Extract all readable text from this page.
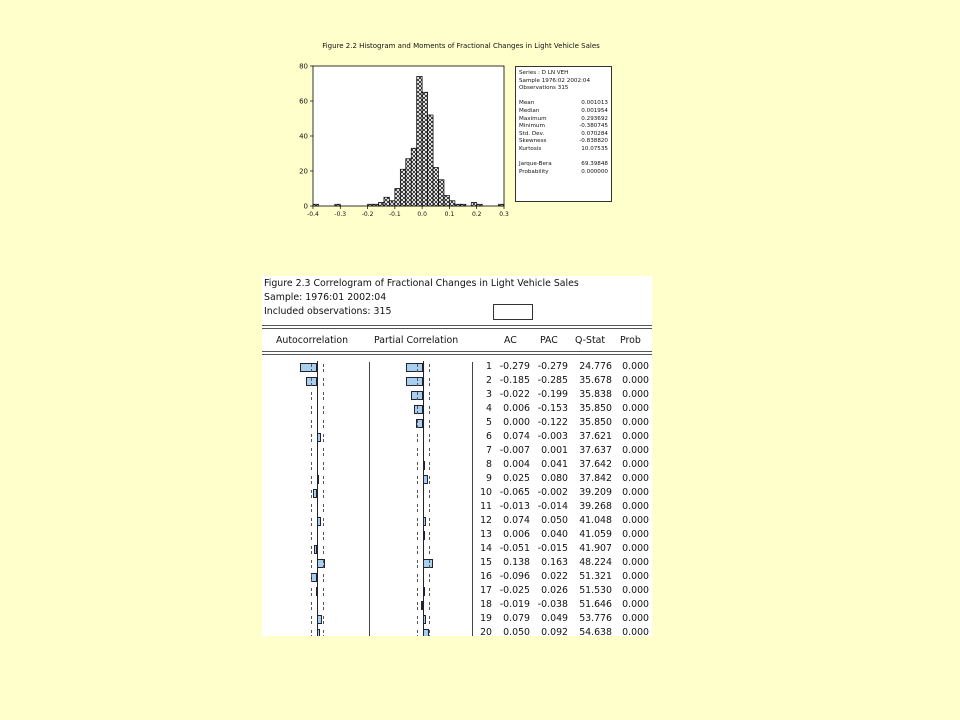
Figure 2.2 Histogram and Moments of Fractional Changes in Light Vehicle Sales
0
20
40
60
80
-0.4	-0.3	-0.2	-0.1	0.0	0.1	0.2	0.3
Series : D LN VEH
Sample 1976:02 2002:04
Observations 315
Mean	0.001013
Median	0.001954
Maximum	0.293692
Minimum	-0.380745
Std. Dev.	0.070284
Skewness	-0.838820
Kurtosis	10.07535
Jarque-Bera	69.39848
Probability	0.000000
Figure 2.3 Correlogram of Fractional Changes in Light Vehicle Sales
Sample: 1976:01 2002:04
Included observations: 315
Autocorrelation	Partial Correlation	AC PAC Q-Stat Prob
1 -0.279 -0.279	24.776	0.000
2 -0.185 -0.285	35.678	0.000
3 -0.022 -0.199	35.838	0.000
4	0.006 -0.153	35.850	0.000
5	0.000 -0.122	35.850	0.000
6	0.074 -0.003	37.621	0.000
7 -0.007	0.001	37.637	0.000
8	0.004	0.041	37.642	0.000
9	0.025	0.080	37.842	0.000
10 -0.065 -0.002	39.209	0.000
11 -0.013 -0.014	39.268	0.000
12	0.074	0.050	41.048	0.000
13	0.006	0.040	41.059	0.000
14 -0.051 -0.015	41.907	0.000
15	0.138	0.163	48.224	0.000
16 -0.096	0.022	51.321	0.000
17 -0.025	0.026	51.530	0.000
18 -0.019 -0.038	51.646	0.000
19	0.079	0.049	53.776	0.000
20	0.050	0.092	54.638	0.000
